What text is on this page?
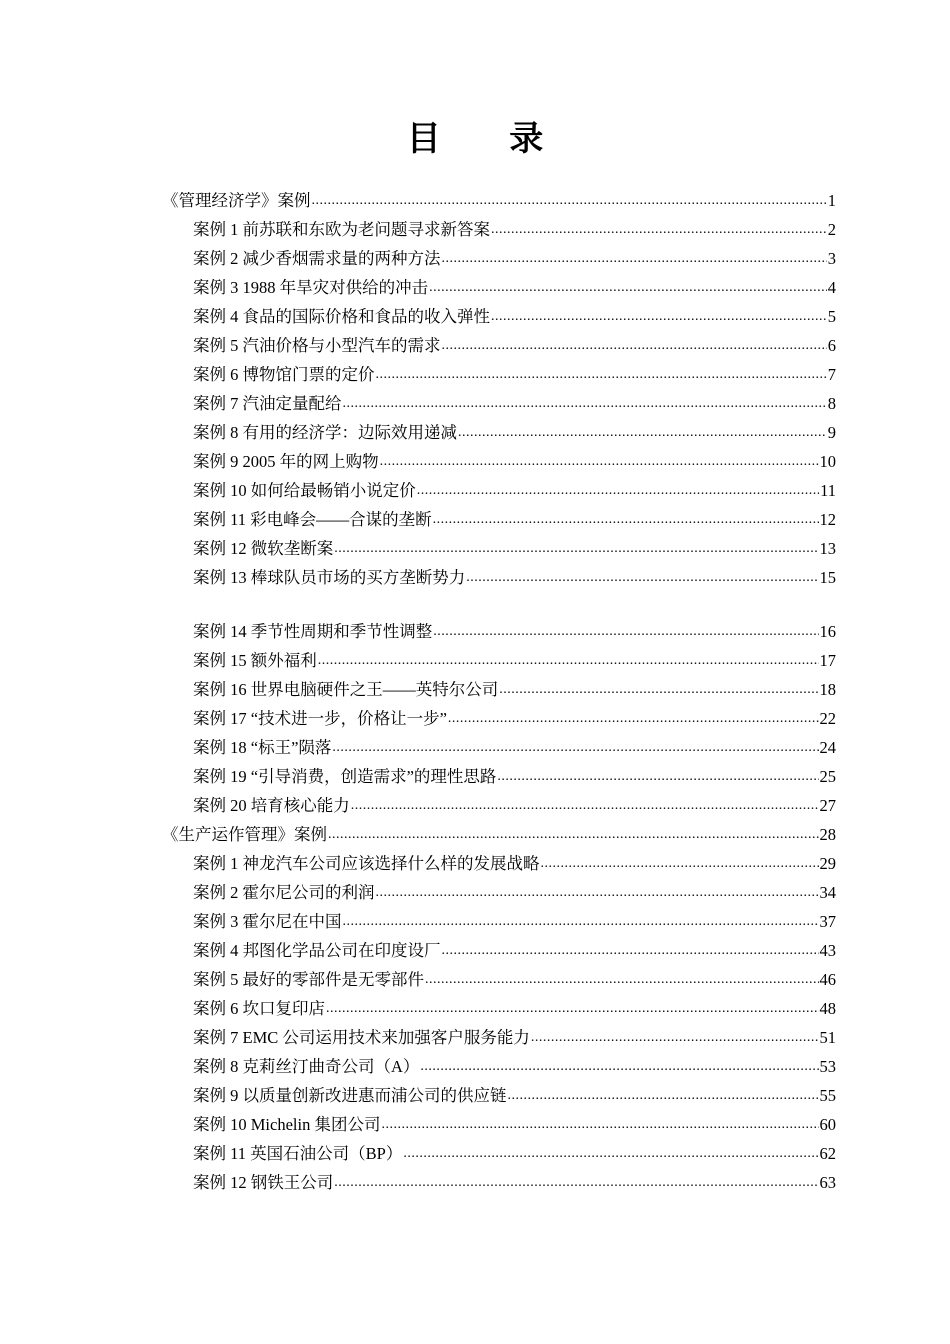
目 录
《管理经济学》案例 .....	1
案例 1 前苏联和东欧为老问题寻求新答案 .....	2
案例 2 减少香烟需求量的两种方法 .....	3
案例 3 1988 年旱灾对供给的冲击 .....	4
案例 4 食品的国际价格和食品的收入弹性 .....	5
案例 5 汽油价格与小型汽车的需求 .....	6
案例 6 博物馆门票的定价 .....	7
案例 7 汽油定量配给 .....	8
案例 8 有用的经济学：边际效用递减 .....	9
案例 9 2005 年的网上购物 .....	10
案例 10 如何给最畅销小说定价 .....	11
案例 11 彩电峰会——合谋的垄断 .....	12
案例 12 微软垄断案 .....	13
案例 13 棒球队员市场的买方垄断势力 .....	15
案例 14 季节性周期和季节性调整 .....	16
案例 15 额外福利 .....	17
案例 16 世界电脑硬件之王——英特尔公司 .....	18
案例 17 “技术进一步，价格让一步” .....	22
案例 18 “标王”陨落 .....	24
案例 19 “引导消费，创造需求”的理性思路 .....	25
案例 20 培育核心能力 .....	27
《生产运作管理》案例 .....	28
案例 1 神龙汽车公司应该选择什么样的发展战略 .....	29
案例 2 霍尔尼公司的利润 .....	34
案例 3 霍尔尼在中国 .....	37
案例 4 邦图化学品公司在印度设厂 .....	43
案例 5 最好的零部件是无零部件 .....	46
案例 6 坎口复印店 .....	48
案例 7 EMC 公司运用技术来加强客户服务能力 .....	51
案例 8 克莉丝汀曲奇公司（A） .....	53
案例 9 以质量创新改进惠而浦公司的供应链 .....	55
案例 10 Michelin 集团公司 .....	60
案例 11 英国石油公司（BP） .....	62
案例 12 钢铁王公司 .....	63
